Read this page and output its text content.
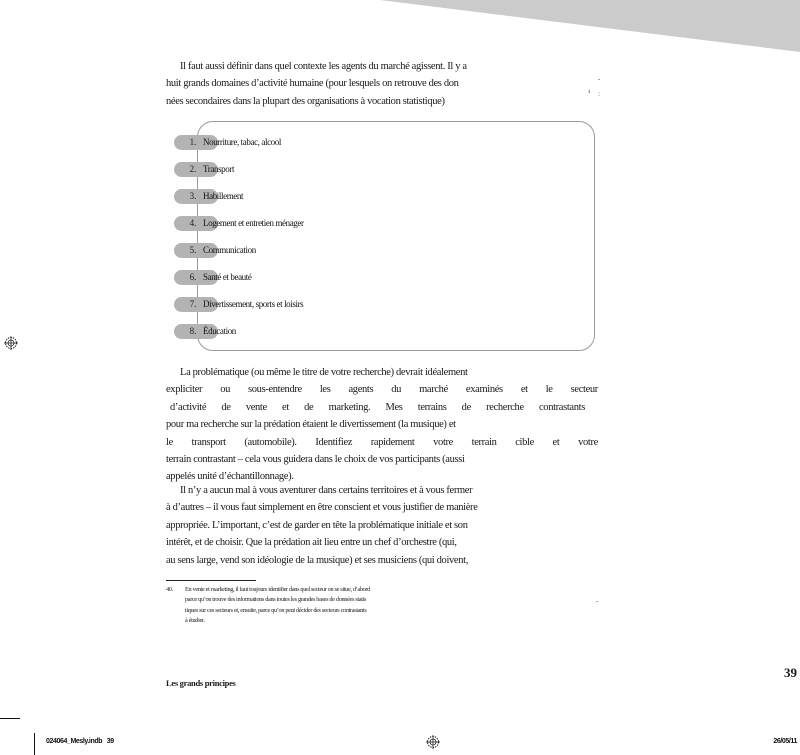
Il faut aussi définir dans quel contexte les agents du marché agissent. Il y a
huit grands domaines d’activité humaine (pour lesquels on retrouve des don
nées secondaires dans la plupart des organisations à vocation statistique)
-
4 :
1. Nourriture, tabac, alcool
2. Transport
3. Habillement
4. Logement et entretien ménager
5. Communication
6. Santé et beauté
7. Divertissement, sports et loisirs
8. Éducation
La problématique (ou même le titre de votre recherche) devrait idéalement
expliciter ou sous-entendre les agents du marché examinés et le secteur
d’activité de vente et de marketing. Mes terrains de recherche contrastants
pour ma recherche sur la prédation étaient le divertissement (la musique) et
le transport (automobile). Identifiez rapidement votre terrain cible et votre
terrain contrastant – cela vous guidera dans le choix de vos participants (aussi
appelés unité d’échantillonnage).
Il n’y a aucun mal à vous aventurer dans certains territoires et à vous fermer
à d’autres – il vous faut simplement en être conscient et vous justifier de manière
appropriée. L’important, c’est de garder en tête la problématique initiale et son
intérêt, et de choisir. Que la prédation ait lieu entre un chef d’orchestre (qui,
au sens large, vend son idéologie de la musique) et ses musiciens (qui doivent,
40. En vente et marketing, il faut toujours identifier dans quel secteur on se situe, d’abord
parce qu’on trouve des informations dans toutes les grandes bases de données statis
tiques sur ces secteurs et, ensuite, parce qu’on peut décider des secteurs contrastants
à étudier.
-
39
Les grands principes
024064_Mesly.indb   39	26/05/11
